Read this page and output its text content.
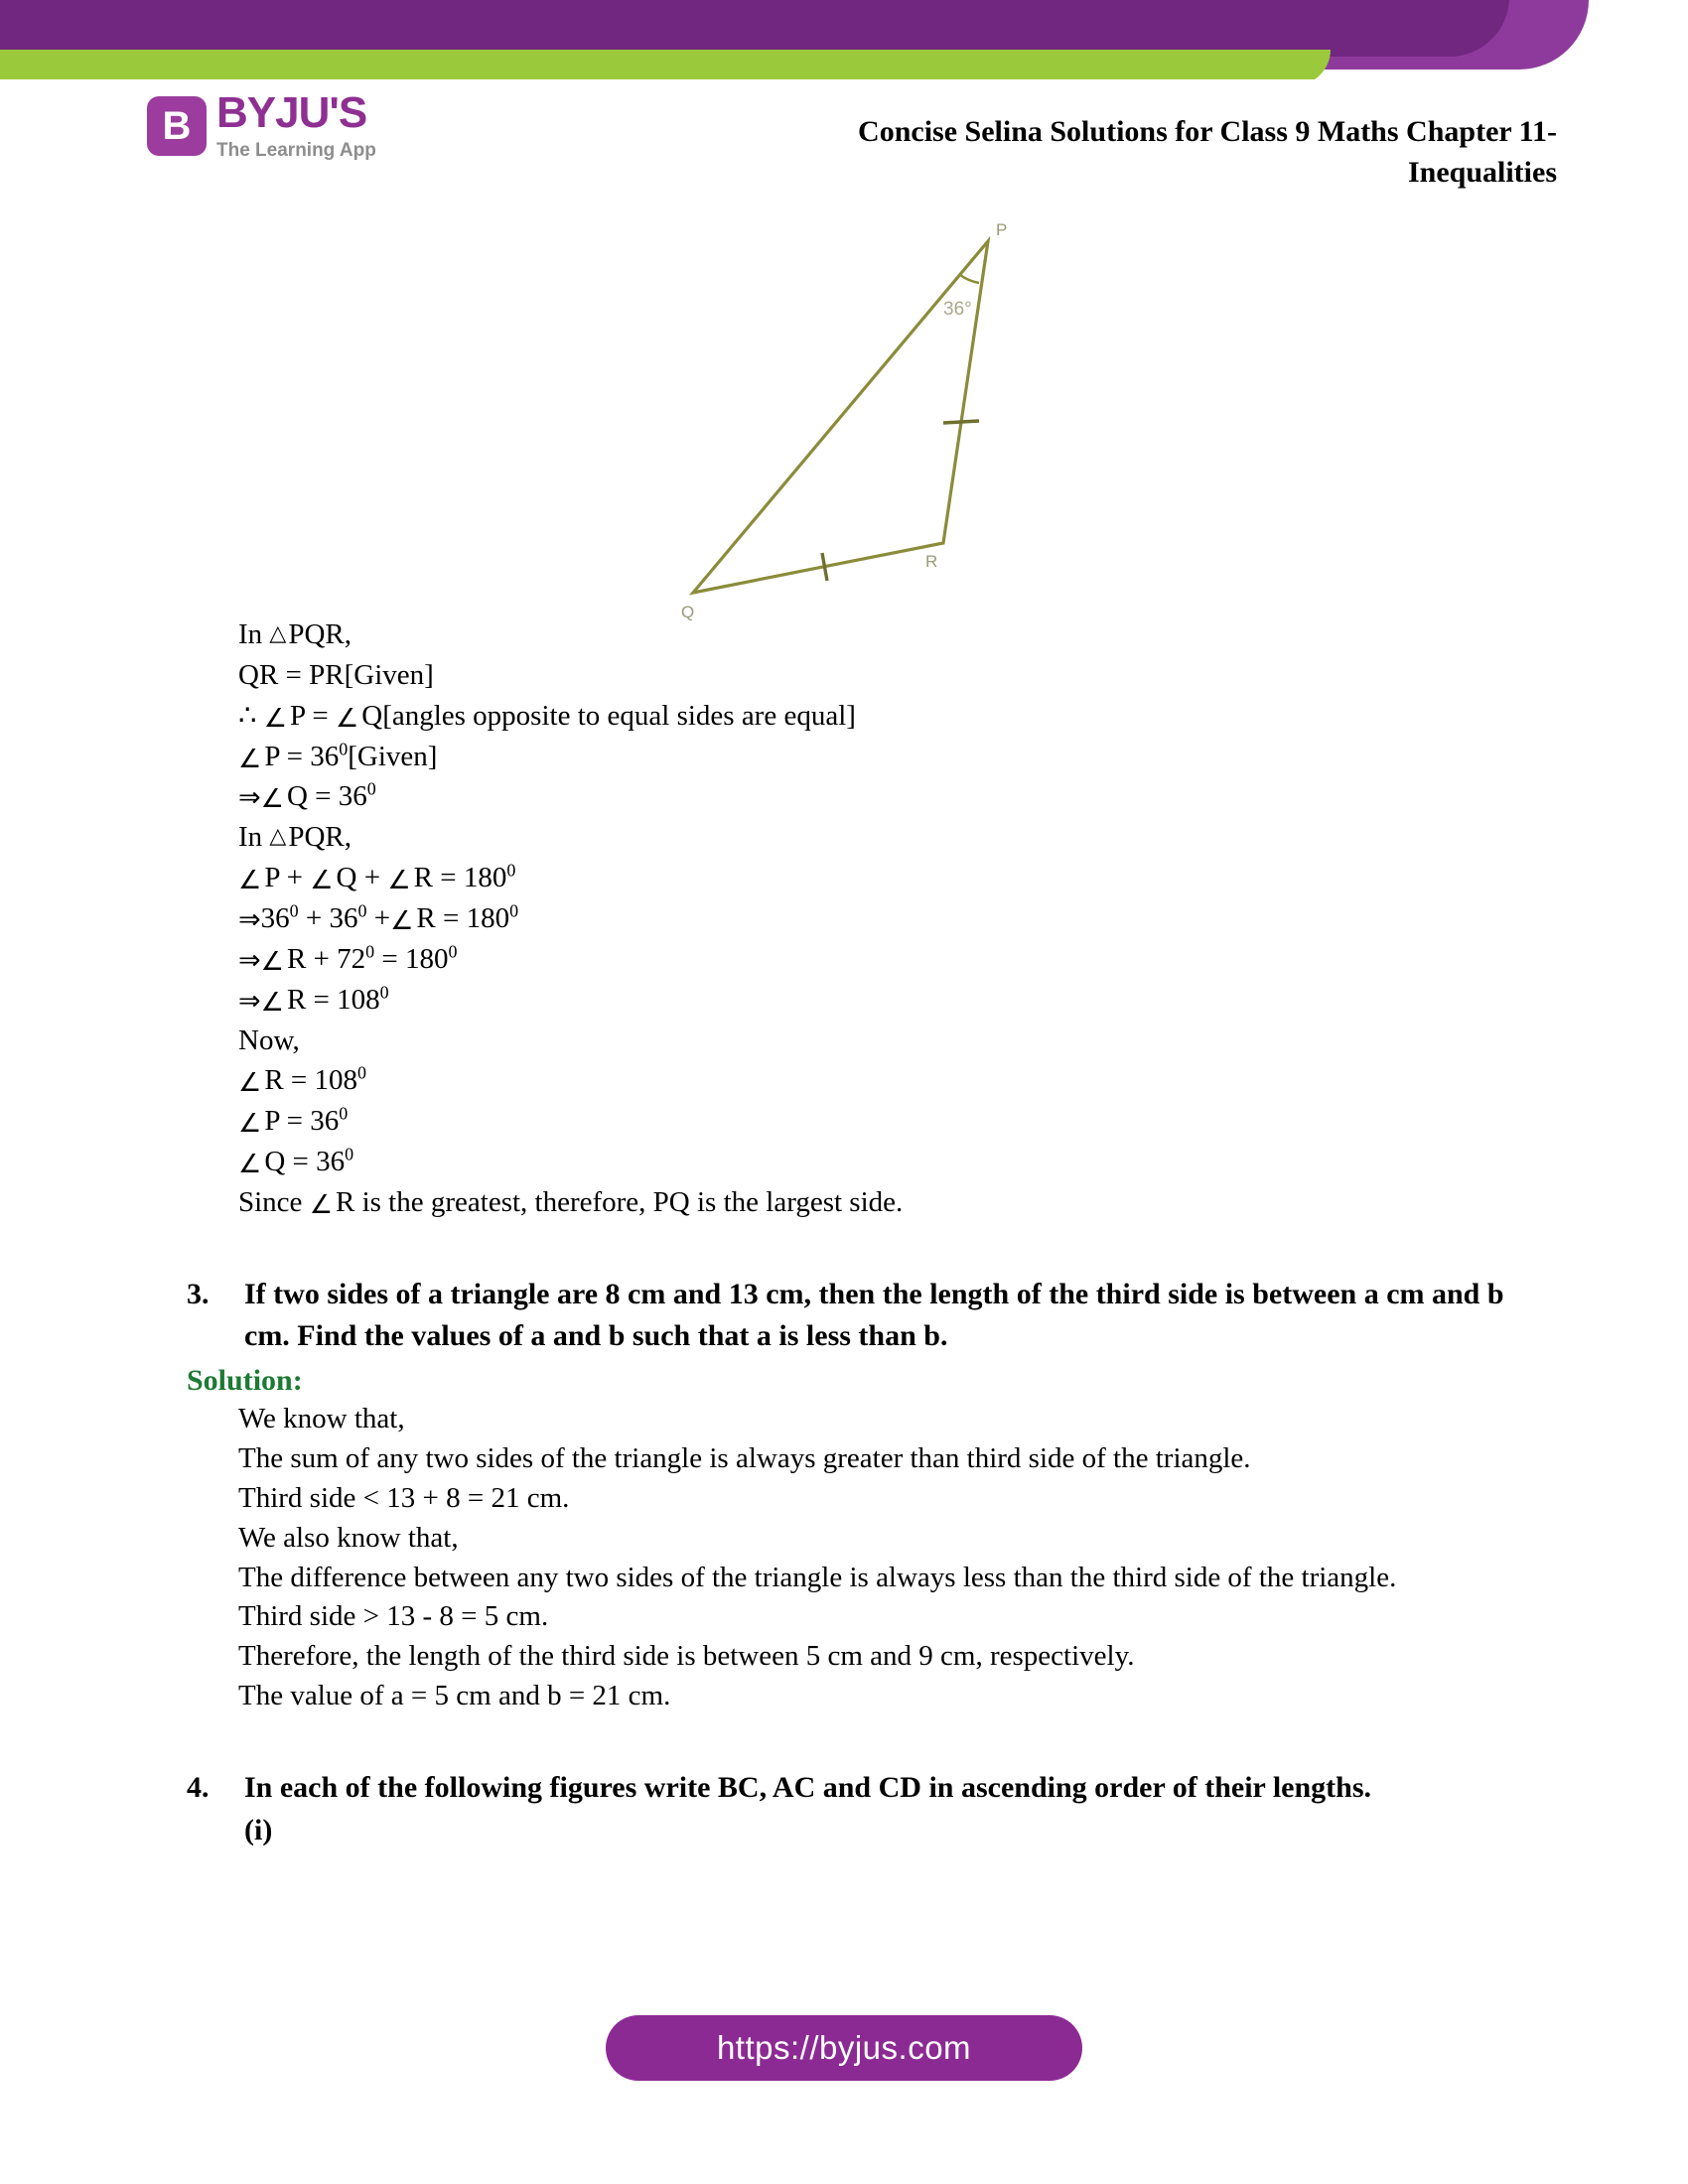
B BYJU'S
The Learning App
Concise Selina Solutions for Class 9 Maths Chapter 11-
Inequalities
P
Q
R
36°
In △PQR,
QR = PR[Given]
∴ ∠ P = ∠ Q[angles opposite to equal sides are equal]
∠ $P = 36^0[Given]$
⇒∠ $Q = 36^0$
In △PQR,
∠ P + ∠ Q + ∠ $R = 180^0$
$\Rightarrow 36^0 + 36^0$ +∠ $R = 180^0$
⇒∠ $R + 72^0 = 180^0$
⇒∠ $R = 108^0$
Now,
∠ $R = 108^0$
∠ $P = 36^0$
∠ $Q = 36^0$
Since ∠ R is the greatest, therefore, PQ is the largest side.
3.	If two sides of a triangle are 8 cm and 13 cm, then the length of the third side is between a cm and b cm. Find the values of a and b such that a is less than b.
Solution:
We know that,
The sum of any two sides of the triangle is always greater than third side of the triangle.
Third side < 13 + 8 = 21 cm.
We also know that,
The difference between any two sides of the triangle is always less than the third side of the triangle.
Third side > 13 - 8 = 5 cm.
Therefore, the length of the third side is between 5 cm and 9 cm, respectively.
The value of a = 5 cm and b = 21 cm.
4.	In each of the following figures write BC, AC and CD in ascending order of their lengths.
(i)
https://byjus.com
